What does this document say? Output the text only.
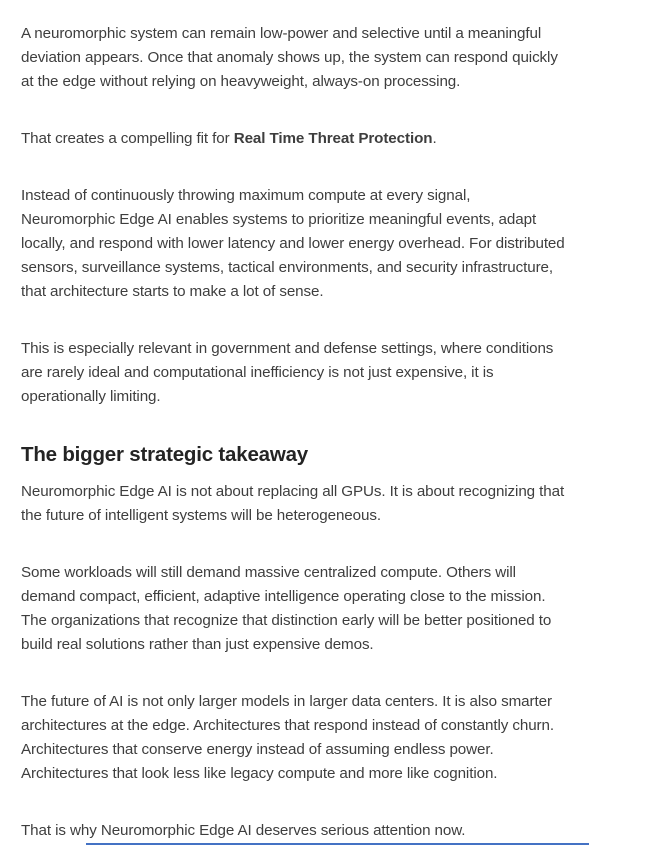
A neuromorphic system can remain low-power and selective until a meaningful
deviation appears. Once that anomaly shows up, the system can respond quickly
at the edge without relying on heavyweight, always-on processing.
That creates a compelling fit for Real Time Threat Protection.
Instead of continuously throwing maximum compute at every signal,
Neuromorphic Edge AI enables systems to prioritize meaningful events, adapt
locally, and respond with lower latency and lower energy overhead. For distributed
sensors, surveillance systems, tactical environments, and security infrastructure,
that architecture starts to make a lot of sense.
This is especially relevant in government and defense settings, where conditions
are rarely ideal and computational inefficiency is not just expensive, it is
operationally limiting.
The bigger strategic takeaway
Neuromorphic Edge AI is not about replacing all GPUs. It is about recognizing that
the future of intelligent systems will be heterogeneous.
Some workloads will still demand massive centralized compute. Others will
demand compact, efficient, adaptive intelligence operating close to the mission.
The organizations that recognize that distinction early will be better positioned to
build real solutions rather than just expensive demos.
The future of AI is not only larger models in larger data centers. It is also smarter
architectures at the edge. Architectures that respond instead of constantly churn.
Architectures that conserve energy instead of assuming endless power.
Architectures that look less like legacy compute and more like cognition.
That is why Neuromorphic Edge AI deserves serious attention now.
